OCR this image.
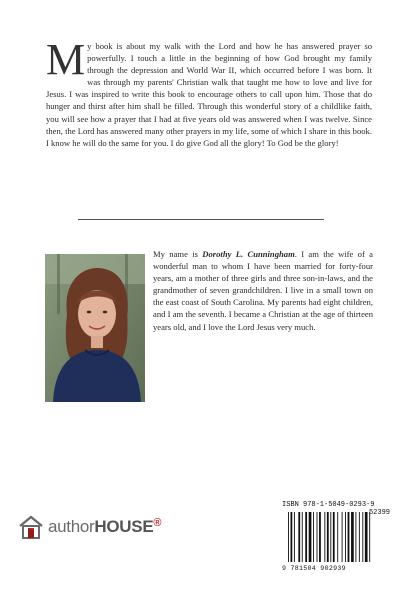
My book is about my walk with the Lord and how he has answered prayer so powerfully. I touch a little in the beginning of how God brought my family through the depression and World War II, which occurred before I was born. It was through my parents' Christian walk that taught me how to love and live for Jesus. I was inspired to write this book to encourage others to call upon him. Those that do hunger and thirst after him shall be filled. Through this wonderful story of a childlike faith, you will see how a prayer that I had at five years old was answered when I was twelve. Since then, the Lord has answered many other prayers in my life, some of which I share in this book. I know he will do the same for you. I do give God all the glory! To God be the glory!

My name is Dorothy L. Cunningham. I am the wife of a wonderful man to whom I have been married for forty-four years, am a mother of three girls and three son-in-laws, and the grandmother of seven grandchildren. I live in a small town on the east coast of South Carolina. My parents had eight children, and I am the seventh. I became a Christian at the age of thirteen years old, and I love the Lord Jesus very much.

authorHOUSE®
ISBN 978-1-5049-0293-9
52399
9 781504 902939
